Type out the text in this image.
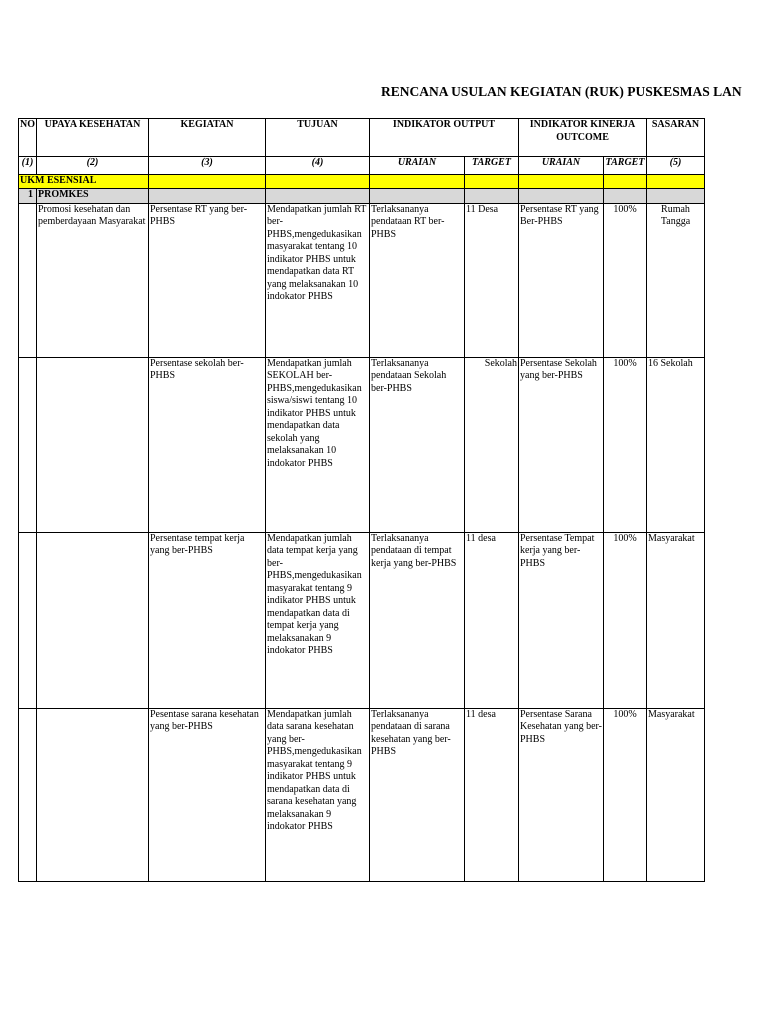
RENCANA USULAN KEGIATAN (RUK) PUSKESMAS LAN
NO	UPAYA KESEHATAN	KEGIATAN	TUJUAN	INDIKATOR OUTPUT		INDIKATOR KINERJA OUTCOME		SASARAN
(1)	(2)	(3)	(4)	URAIAN	TARGET	URAIAN	TARGET	(5)
UKM ESENSIAL								
1	PROMKES							
	Promosi kesehatan dan pemberdayaan Masyarakat	Persentase RT yang ber-PHBS	Mendapatkan jumlah RT ber-PHBS,mengedukasikan masyarakat tentang 10 indikator PHBS untuk mendapatkan data RT yang melaksanakan 10 indokator PHBS	Terlaksananya pendataan RT ber-PHBS	11 Desa	Persentase RT yang Ber-PHBS	100%	Rumah Tangga
		Persentase sekolah ber-PHBS	Mendapatkan jumlah SEKOLAH ber-PHBS,mengedukasikan siswa/siswi tentang 10 indikator PHBS untuk mendapatkan data sekolah yang melaksanakan 10 indokator PHBS	Terlaksananya pendataan Sekolah ber-PHBS	Sekolah	Persentase Sekolah yang ber-PHBS	100%	16 Sekolah
		Persentase tempat kerja yang ber-PHBS	Mendapatkan jumlah data tempat kerja yang ber-PHBS,mengedukasikan masyarakat tentang 9 indikator PHBS untuk mendapatkan data di tempat kerja yang melaksanakan 9 indokator PHBS	Terlaksananya pendataan di tempat kerja yang ber-PHBS	11 desa	Persentase Tempat kerja yang ber-PHBS	100%	Masyarakat
		Pesentase sarana kesehatan yang ber-PHBS	Mendapatkan jumlah data sarana kesehatan yang ber-PHBS,mengedukasikan masyarakat tentang 9 indikator PHBS untuk mendapatkan data di sarana kesehatan yang melaksanakan 9 indokator PHBS	Terlaksananya pendataan di sarana kesehatan yang ber-PHBS	11 desa	Persentase Sarana Kesehatan yang ber-PHBS	100%	Masyarakat
